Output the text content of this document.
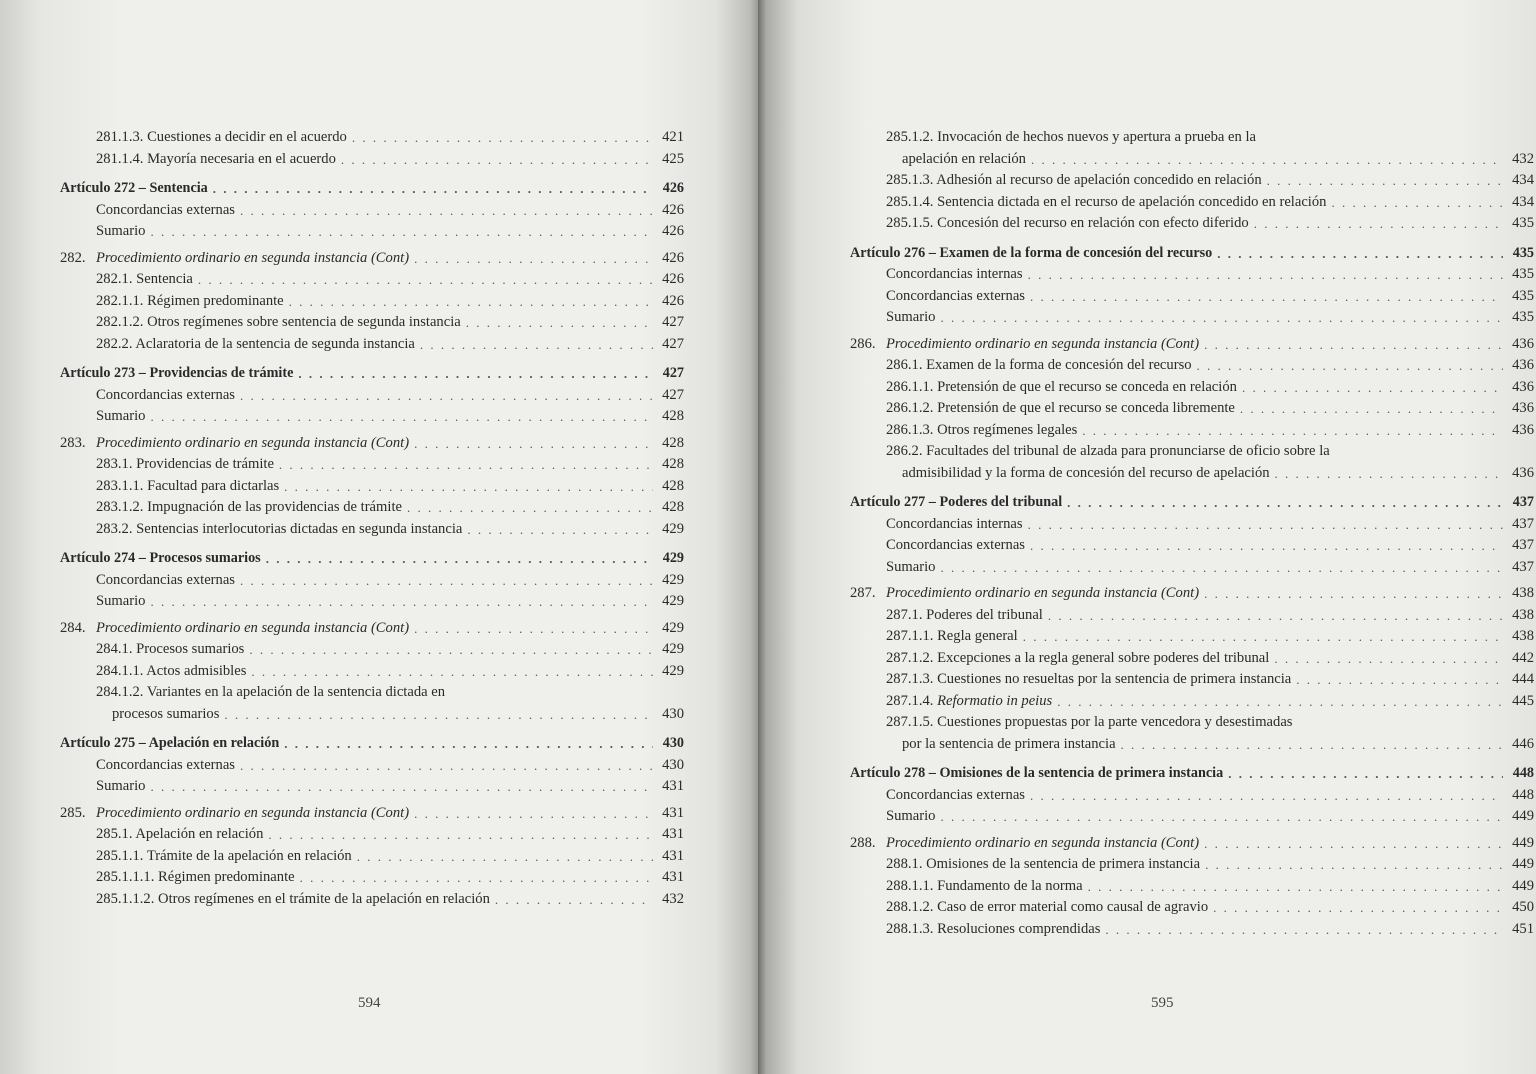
281.1.3. Cuestiones a decidir en el acuerdo . . .	421
281.1.4. Mayoría necesaria en el acuerdo . . .	425
Artículo 272 – Sentencia . . .	426
Concordancias externas . . .	426
Sumario . . .	426
282. Procedimiento ordinario en segunda instancia (Cont) . . .	426
282.1. Sentencia . . .	426
282.1.1. Régimen predominante . . .	426
282.1.2. Otros regímenes sobre sentencia de segunda instancia . . .	427
282.2. Aclaratoria de la sentencia de segunda instancia . . .	427
Artículo 273 – Providencias de trámite . . .	427
Concordancias externas . . .	427
Sumario . . .	428
283. Procedimiento ordinario en segunda instancia (Cont) . . .	428
283.1. Providencias de trámite . . .	428
283.1.1. Facultad para dictarlas . . .	428
283.1.2. Impugnación de las providencias de trámite . . .	428
283.2. Sentencias interlocutorias dictadas en segunda instancia . . .	429
Artículo 274 – Procesos sumarios . . .	429
Concordancias externas . . .	429
Sumario . . .	429
284. Procedimiento ordinario en segunda instancia (Cont) . . .	429
284.1. Procesos sumarios . . .	429
284.1.1. Actos admisibles . . .	429
284.1.2. Variantes en la apelación de la sentencia dictada en
procesos sumarios . . .	430
Artículo 275 – Apelación en relación . . .	430
Concordancias externas . . .	430
Sumario . . .	431
285. Procedimiento ordinario en segunda instancia (Cont) . . .	431
285.1. Apelación en relación . . .	431
285.1.1. Trámite de la apelación en relación . . .	431
285.1.1.1. Régimen predominante . . .	431
285.1.1.2. Otros regímenes en el trámite de la apelación en relación . . .	432
594
285.1.2. Invocación de hechos nuevos y apertura a prueba en la
apelación en relación . . .	432
285.1.3. Adhesión al recurso de apelación concedido en relación . . .	434
285.1.4. Sentencia dictada en el recurso de apelación concedido en relación . . .	434
285.1.5. Concesión del recurso en relación con efecto diferido . . .	435
Artículo 276 – Examen de la forma de concesión del recurso . . .	435
Concordancias internas . . .	435
Concordancias externas . . .	435
Sumario . . .	435
286. Procedimiento ordinario en segunda instancia (Cont) . . .	436
286.1. Examen de la forma de concesión del recurso . . .	436
286.1.1. Pretensión de que el recurso se conceda en relación . . .	436
286.1.2. Pretensión de que el recurso se conceda libremente . . .	436
286.1.3. Otros regímenes legales . . .	436
286.2. Facultades del tribunal de alzada para pronunciarse de oficio sobre la
admisibilidad y la forma de concesión del recurso de apelación . . .	436
Artículo 277 – Poderes del tribunal . . .	437
Concordancias internas . . .	437
Concordancias externas . . .	437
Sumario . . .	437
287. Procedimiento ordinario en segunda instancia (Cont) . . .	438
287.1. Poderes del tribunal . . .	438
287.1.1. Regla general . . .	438
287.1.2. Excepciones a la regla general sobre poderes del tribunal . . .	442
287.1.3. Cuestiones no resueltas por la sentencia de primera instancia . . .	444
287.1.4. Reformatio in peius . . .	445
287.1.5. Cuestiones propuestas por la parte vencedora y desestimadas
por la sentencia de primera instancia . . .	446
Artículo 278 – Omisiones de la sentencia de primera instancia . . .	448
Concordancias externas . . .	448
Sumario . . .	449
288. Procedimiento ordinario en segunda instancia (Cont) . . .	449
288.1. Omisiones de la sentencia de primera instancia . . .	449
288.1.1. Fundamento de la norma . . .	449
288.1.2. Caso de error material como causal de agravio . . .	450
288.1.3. Resoluciones comprendidas . . .	451
595
